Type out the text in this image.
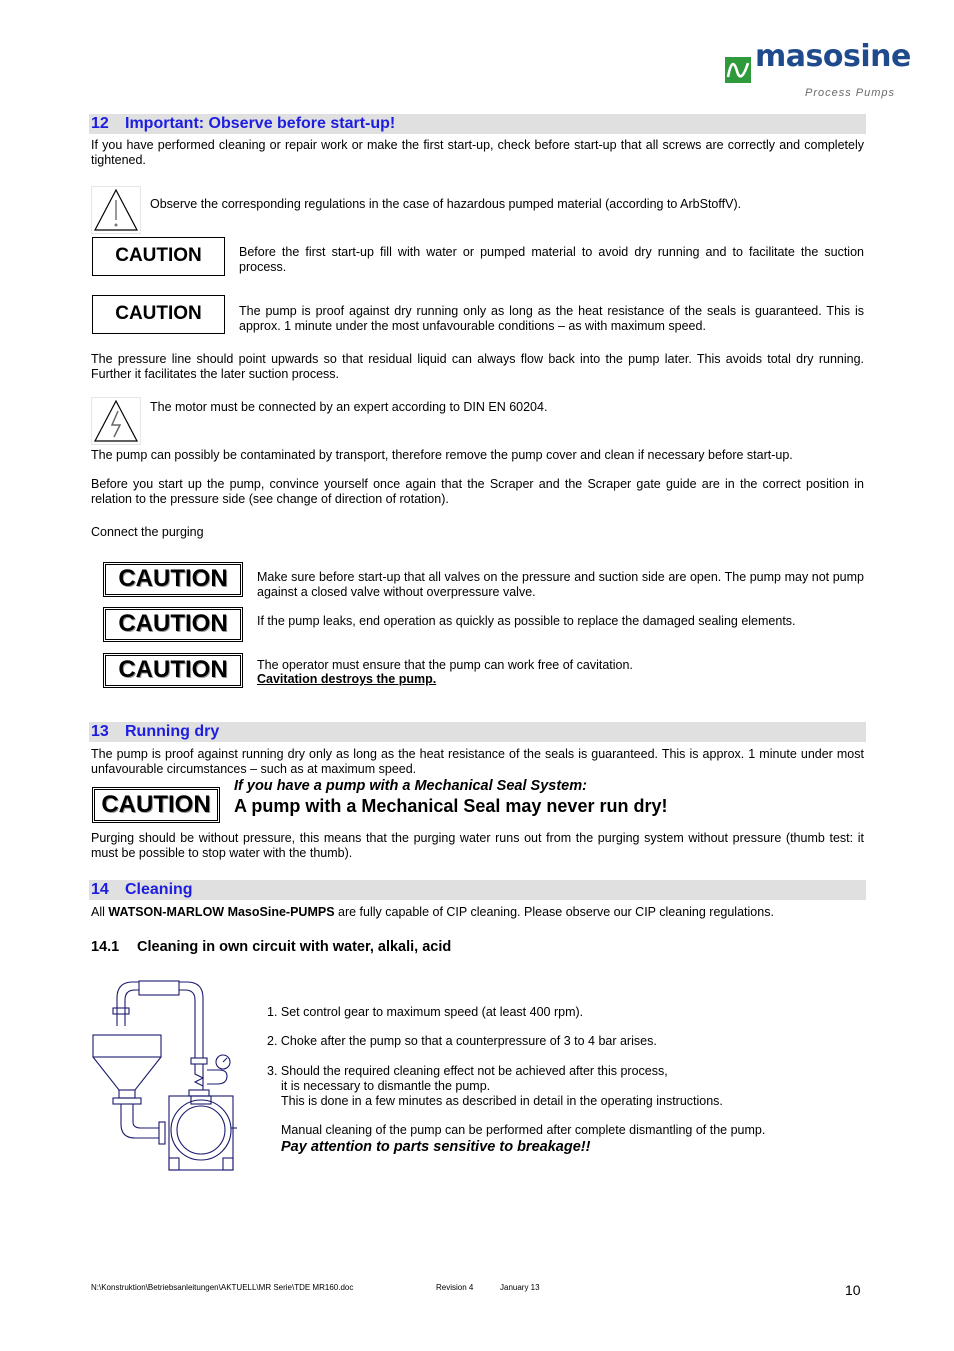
masosine
Process Pumps
12 Important: Observe before start-up!
If you have performed cleaning or repair work or make the first start-up, check before start-up that all screws are correctly and completely tightened.
Observe the corresponding regulations in the case of hazardous pumped material (according to ArbStoffV).
CAUTION	Before the first start-up fill with water or pumped material to avoid dry running and to facilitate the suction process.
CAUTION	The pump is proof against dry running only as long as the heat resistance of the seals is guaranteed. This is approx. 1 minute under the most unfavourable conditions – as with maximum speed.
The pressure line should point upwards so that residual liquid can always flow back into the pump later. This avoids total dry running. Further it facilitates the later suction process.
The motor must be connected by an expert according to DIN EN 60204.
The pump can possibly be contaminated by transport, therefore remove the pump cover and clean if necessary before start-up.
Before you start up the pump, convince yourself once again that the Scraper and the Scraper gate guide are in the correct position in relation to the pressure side (see change of direction of rotation).
Connect the purging
CAUTION	Make sure before start-up that all valves on the pressure and suction side are open. The pump may not pump against a closed valve without overpressure valve.
CAUTION	If the pump leaks, end operation as quickly as possible to replace the damaged sealing elements.
CAUTION	The operator must ensure that the pump can work free of cavitation.
Cavitation destroys the pump.
13 Running dry
The pump is proof against running dry only as long as the heat resistance of the seals is guaranteed. This is approx. 1 minute under most unfavourable circumstances – such as at maximum speed.
CAUTION
If you have a pump with a Mechanical Seal System:
A pump with a Mechanical Seal may never run dry!
Purging should be without pressure, this means that the purging water runs out from the purging system without pressure (thumb test: it must be possible to stop water with the thumb).
14 Cleaning
All WATSON-MARLOW MasoSine-PUMPS are fully capable of CIP cleaning. Please observe our CIP cleaning regulations.
14.1 Cleaning in own circuit with water, alkali, acid
1. Set control gear to maximum speed (at least 400 rpm).
2. Choke after the pump so that a counterpressure of 3 to 4 bar arises.
3. Should the required cleaning effect not be achieved after this process,
it is necessary to dismantle the pump.
This is done in a few minutes as described in detail in the operating instructions.
Manual cleaning of the pump can be performed after complete dismantling of the pump.
Pay attention to parts sensitive to breakage!!
N:\Konstruktion\Betriebsanleitungen\AKTUELL\MR Serie\TDE MR160.doc	Revision 4	January 13	10
